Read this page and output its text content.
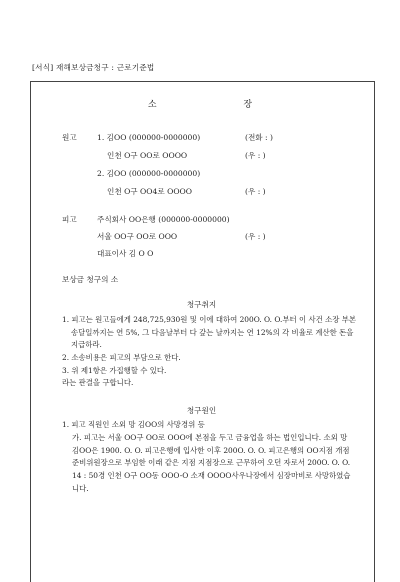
[서식] 재해보상금청구 : 근로기준법
소 장
원고	1. 김OO (000000-0000000)	(전화 : )
인천 O구 OO로 OOOO	(우 : )
2. 김OO (000000-0000000)
인천 O구 OO4로 OOOO	(우 : )
피고	주식회사 OO은행 (000000-0000000)
서울 OO구 OO로 OOO	(우 : )
대표이사 김 O O
보상금 청구의 소
청구취지
1. 피고는 원고들에게 248,725,930원 및 이에 대하여 200O. O. O.부터 이 사건 소장 부본 송달일까지는 연 5%, 그 다음날부터 다 갚는 날까지는 연 12%의 각 비율로 계산한 돈을 지급하라.
2. 소송비용은 피고의 부담으로 한다.
3. 위 제1항은 가집행할 수 있다.
라는 판결을 구합니다.
청구원인
1. 피고 직원인 소외 망 김OO의 사망경위 등
가. 피고는 서울 OO구 OO로 OOO에 본점을 두고 금융업을 하는 법인입니다. 소외 망 김OO은 1900. O. O. 피고은행에 입사한 이후 200O. O. O. 피고은행의 OO지점 개점 준비위원장으로 부임한 이래 같은 지점 지점장으로 근무하여 오던 자로서 200O. O. O. 14 : 50경 인천 O구 OO동 OOO-O 소재 OOOO사우나장에서 심장마비로 사망하였습니다.
